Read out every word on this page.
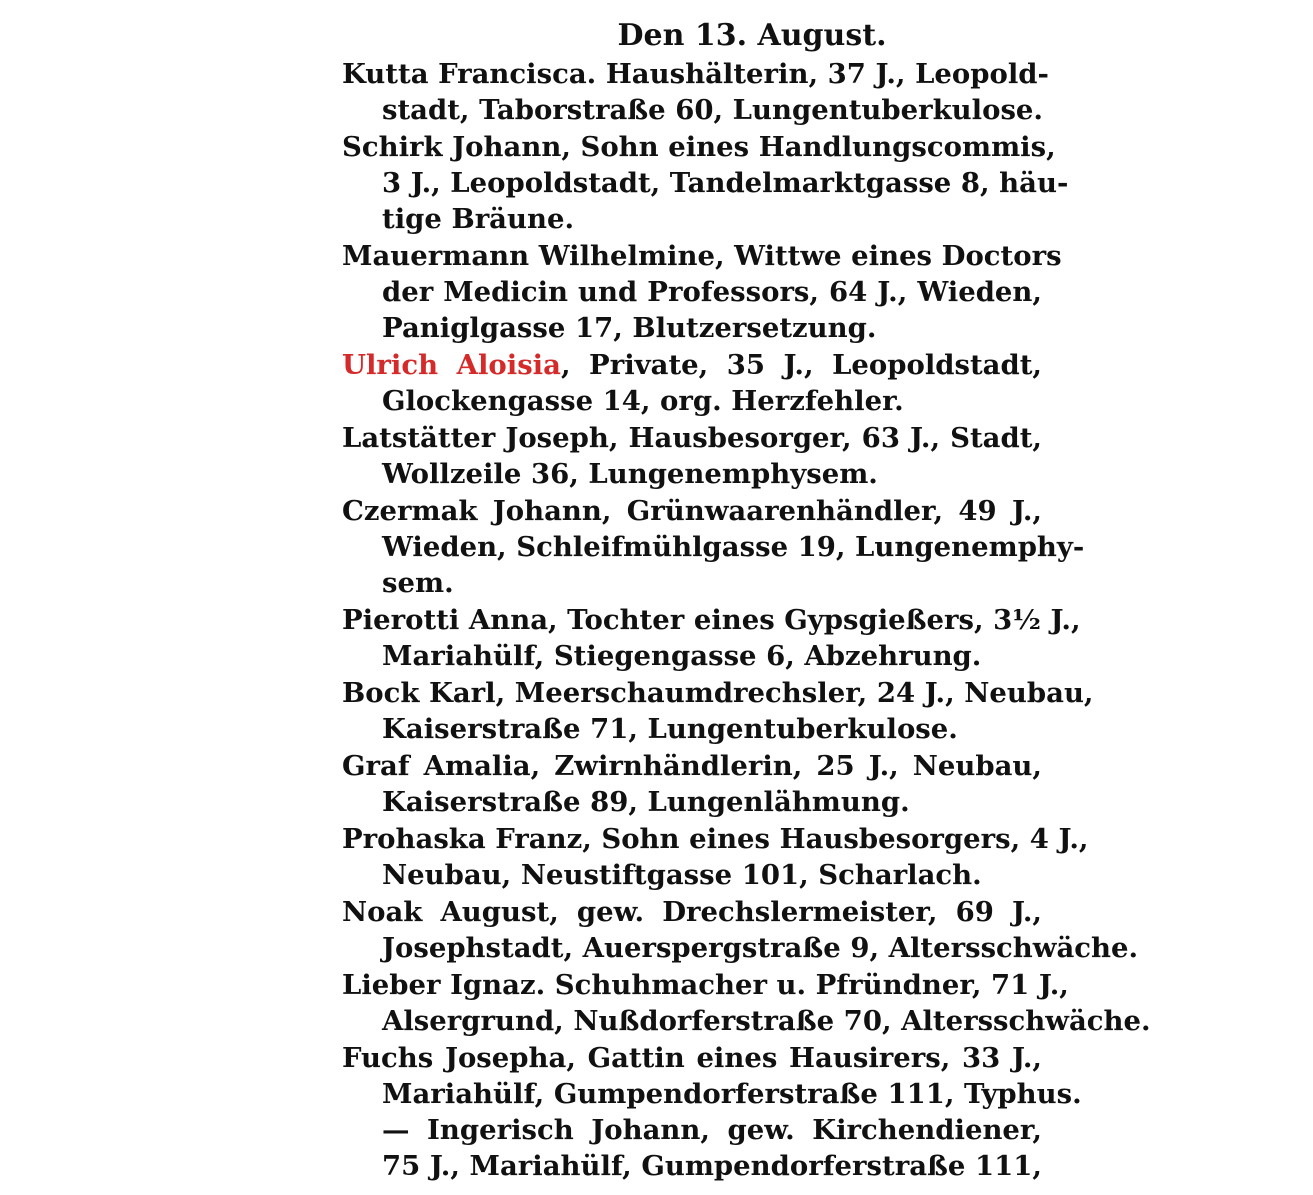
Den 13. August.
Kutta Francisca. Haushälterin, 37 J., Leopold-
stadt, Taborstraße 60, Lungentuberkulose.
Schirk Johann, Sohn eines Handlungscommis,
3 J., Leopoldstadt, Tandelmarktgasse 8, häu-
tige Bräune.
Mauermann Wilhelmine, Wittwe eines Doctors
der Medicin und Professors, 64 J., Wieden,
Paniglgasse 17, Blutzersetzung.
Ulrich Aloisia, Private, 35 J., Leopoldstadt,
Glockengasse 14, org. Herzfehler.
Latstätter Joseph, Hausbesorger, 63 J., Stadt,
Wollzeile 36, Lungenemphysem.
Czermak Johann, Grünwaarenhändler, 49 J.,
Wieden, Schleifmühlgasse 19, Lungenemphy-
sem.
Pierotti Anna, Tochter eines Gypsgießers, 3½ J.,
Mariahülf, Stiegengasse 6, Abzehrung.
Bock Karl, Meerschaumdrechsler, 24 J., Neubau,
Kaiserstraße 71, Lungentuberkulose.
Graf Amalia, Zwirnhändlerin, 25 J., Neubau,
Kaiserstraße 89, Lungenlähmung.
Prohaska Franz, Sohn eines Hausbesorgers, 4 J.,
Neubau, Neustiftgasse 101, Scharlach.
Noak August, gew. Drechslermeister, 69 J.,
Josephstadt, Auerspergstraße 9, Altersschwäche.
Lieber Ignaz. Schuhmacher u. Pfründner, 71 J.,
Alsergrund, Nußdorferstraße 70, Altersschwäche.
Fuchs Josepha, Gattin eines Hausirers, 33 J.,
Mariahülf, Gumpendorferstraße 111, Typhus.
— Ingerisch Johann, gew. Kirchendiener,
75 J., Mariahülf, Gumpendorferstraße 111,
